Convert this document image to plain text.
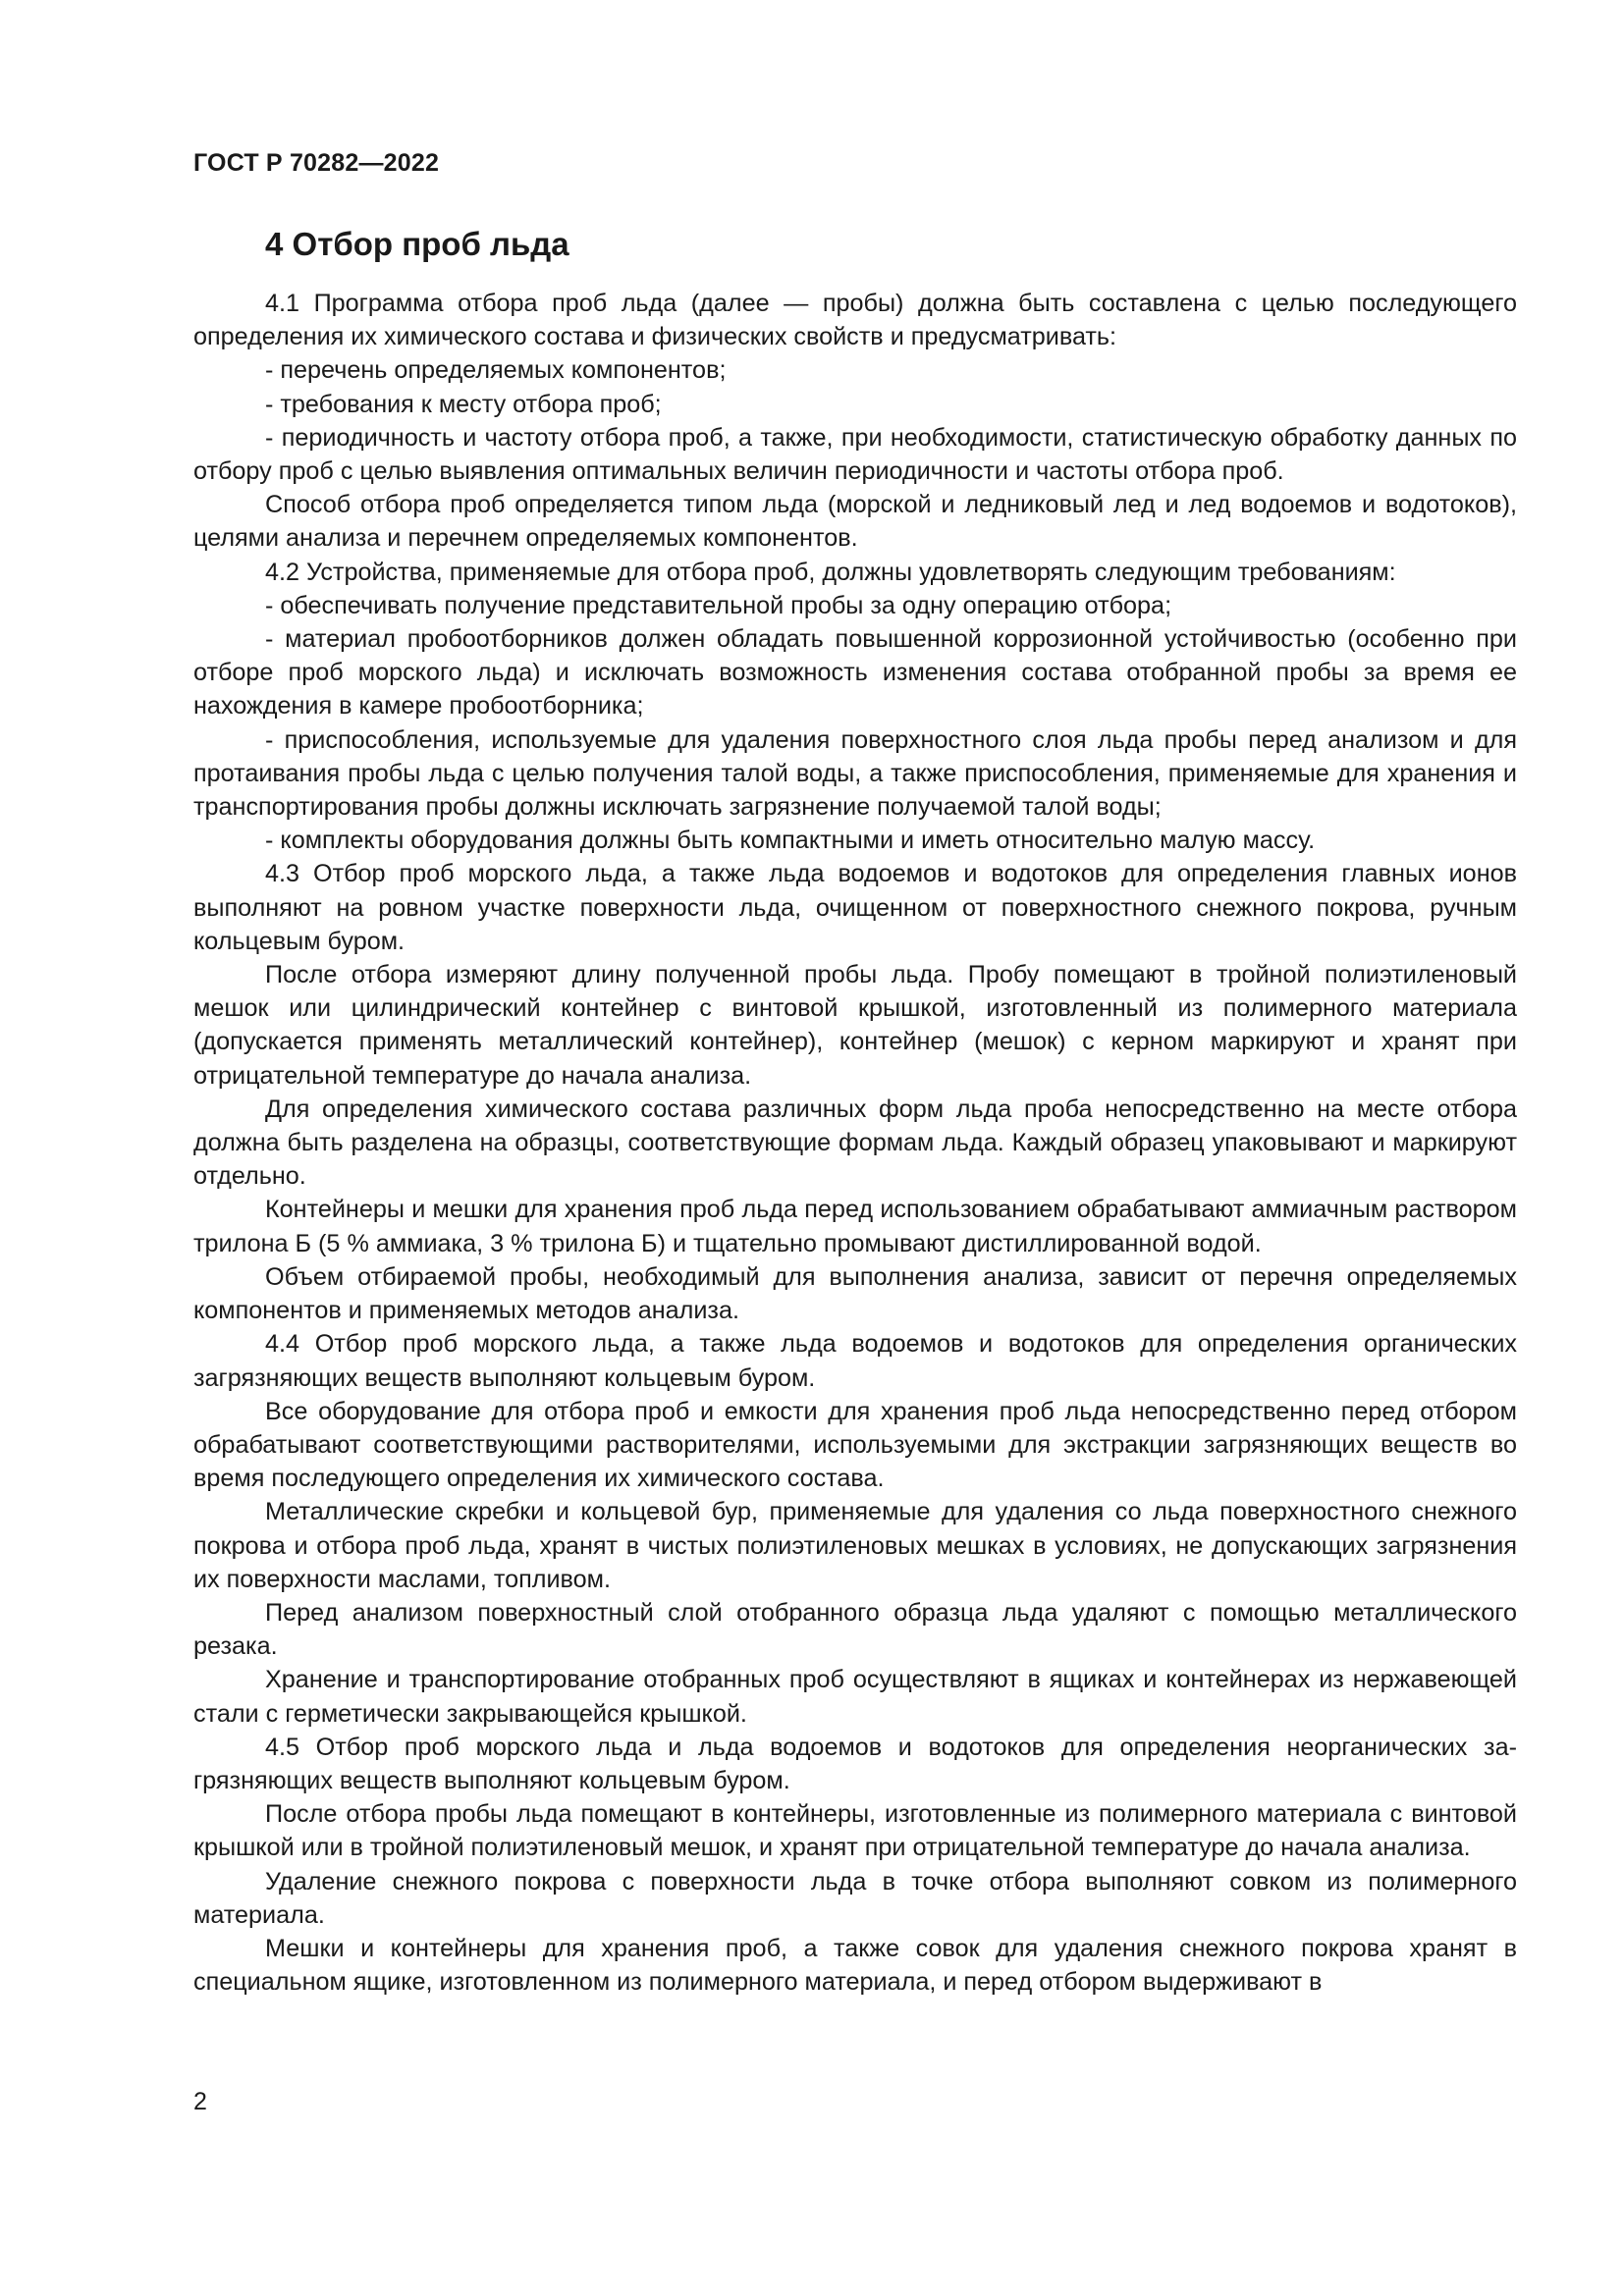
ГОСТ Р 70282—2022
4 Отбор проб льда

4.1 Программа отбора проб льда (далее — пробы) должна быть составлена с целью последующего определения их химического состава и физических свойств и предусматривать:

- перечень определяемых компонентов;

- требования к месту отбора проб;

- периодичность и частоту отбора проб, а также, при необходимости, статистическую обработку данных по отбору проб с целью выявления оптимальных величин периодичности и частоты отбора проб.

Способ отбора проб определяется типом льда (морской и ледниковый лед и лед водоемов и водотоков), целями анализа и перечнем определяемых компонентов.

4.2 Устройства, применяемые для отбора проб, должны удовлетворять следующим требованиям:

- обеспечивать получение представительной пробы за одну операцию отбора;

- материал пробоотборников должен обладать повышенной коррозионной устойчивостью (особенно при отборе проб морского льда) и исключать возможность изменения состава отобранной пробы за время ее нахождения в камере пробоотборника;

- приспособления, используемые для удаления поверхностного слоя льда пробы перед анализом и для протаивания пробы льда с целью получения талой воды, а также приспособления, применяемые для хранения и транспортирования пробы должны исключать загрязнение получаемой талой воды;

- комплекты оборудования должны быть компактными и иметь относительно малую массу.

4.3 Отбор проб морского льда, а также льда водоемов и водотоков для определения главных ионов выполняют на ровном участке поверхности льда, очищенном от поверхностного снежного покрова, ручным кольцевым буром.

После отбора измеряют длину полученной пробы льда. Пробу помещают в тройной полиэтиленовый мешок или цилиндрический контейнер с винтовой крышкой, изготовленный из полимерного материала (допускается применять металлический контейнер), контейнер (мешок) с керном маркируют и хранят при отрицательной температуре до начала анализа.

Для определения химического состава различных форм льда проба непосредственно на месте отбора должна быть разделена на образцы, соответствующие формам льда. Каждый образец упаковывают и маркируют отдельно.

Контейнеры и мешки для хранения проб льда перед использованием обрабатывают аммиачным раствором трилона Б (5 % аммиака, 3 % трилона Б) и тщательно промывают дистиллированной водой.

Объем отбираемой пробы, необходимый для выполнения анализа, зависит от перечня определяемых компонентов и применяемых методов анализа.

4.4 Отбор проб морского льда, а также льда водоемов и водотоков для определения органических загрязняющих веществ выполняют кольцевым буром.

Все оборудование для отбора проб и емкости для хранения проб льда непосредственно перед отбором обрабатывают соответствующими растворителями, используемыми для экстракции загрязняющих веществ во время последующего определения их химического состава.

Металлические скребки и кольцевой бур, применяемые для удаления со льда поверхностного снежного покрова и отбора проб льда, хранят в чистых полиэтиленовых мешках в условиях, не допускающих загрязнения их поверхности маслами, топливом.

Перед анализом поверхностный слой отобранного образца льда удаляют с помощью металлического резака.

Хранение и транспортирование отобранных проб осуществляют в ящиках и контейнерах из нержавеющей стали с герметически закрывающейся крышкой.

4.5 Отбор проб морского льда и льда водоемов и водотоков для определения неорганических загрязняющих веществ выполняют кольцевым буром.

После отбора пробы льда помещают в контейнеры, изготовленные из полимерного материала с винтовой крышкой или в тройной полиэтиленовый мешок, и хранят при отрицательной температуре до начала анализа.

Удаление снежного покрова с поверхности льда в точке отбора выполняют совком из полимерного материала.

Мешки и контейнеры для хранения проб, а также совок для удаления снежного покрова хранят в специальном ящике, изготовленном из полимерного материала, и перед отбором выдерживают в

2
